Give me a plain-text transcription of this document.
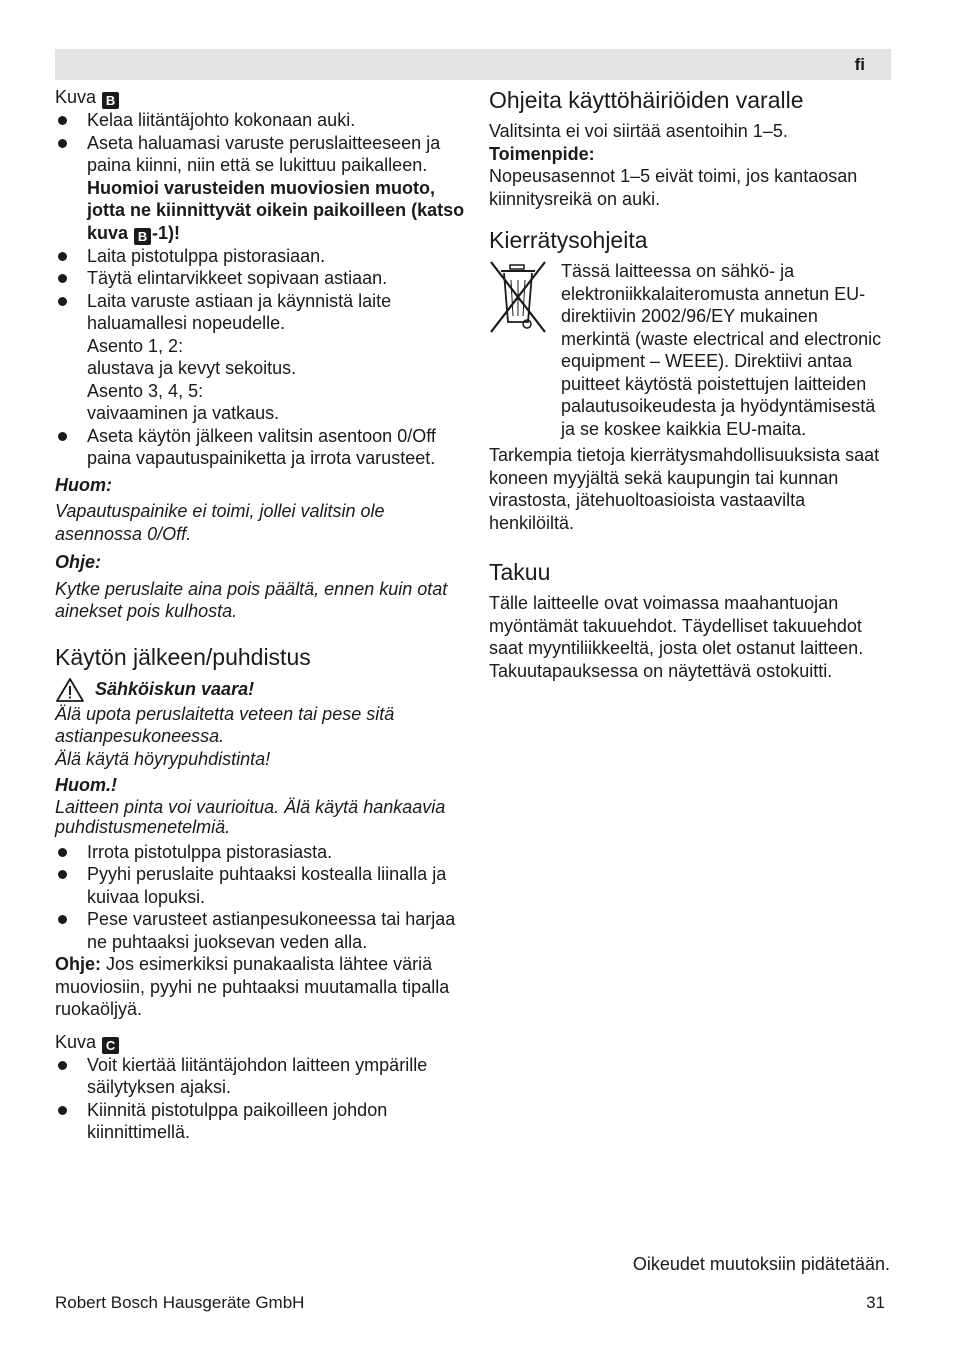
fi
Kuva B
Kelaa liitäntäjohto kokonaan auki.
Aseta haluamasi varuste peruslaitteeseen ja paina kiinni, niin että se lukittuu paikalleen.
Huomioi varusteiden muoviosien muoto, jotta ne kiinnittyvät oikein paikoilleen (katso kuva B -1)!
Laita pistotulppa pistorasiaan.
Täytä elintarvikkeet sopivaan astiaan.
Laita varuste astiaan ja käynnistä laite haluamallesi nopeudelle.
Asento 1, 2:
alustava ja kevyt sekoitus.
Asento 3, 4, 5:
vaivaaminen ja vatkaus.
Aseta käytön jälkeen valitsin asentoon 0/Off paina vapautuspainiketta ja irrota varusteet.
Huom:
Vapautuspainike ei toimi, jollei valitsin ole asennossa 0/Off.
Ohje:
Kytke peruslaite aina pois päältä, ennen kuin otat ainekset pois kulhosta.
Käytön jälkeen/puhdistus
Sähköiskun vaara!
Älä upota peruslaitetta veteen tai pese sitä astianpesukoneessa.
Älä käytä höyrypuhdistinta!
Huom.!
Laitteen pinta voi vaurioitua. Älä käytä hankaavia puhdistusmenetelmiä.
Irrota pistotulppa pistorasiasta.
Pyyhi peruslaite puhtaaksi kostealla liinalla ja kuivaa lopuksi.
Pese varusteet astianpesukoneessa tai harjaa ne puhtaaksi juoksevan veden alla.
Ohje: Jos esimerkiksi punakaalista lähtee väriä muoviosiin, pyyhi ne puhtaaksi muutamalla tipalla ruokaöljyä.
Kuva C
Voit kiertää liitäntäjohdon laitteen ympärille säilytyksen ajaksi.
Kiinnitä pistotulppa paikoilleen johdon kiinnittimellä.
Ohjeita käyttöhäiriöiden varalle
Valitsinta ei voi siirtää asentoihin 1–5.
Toimenpide:
Nopeusasennot 1–5 eivät toimi, jos kantaosan kiinnitysreikä on auki.
Kierrätysohjeita
Tässä laitteessa on sähkö- ja elektroniikkalaiteromusta annetun EU-direktiivin 2002/96/EY mukainen merkintä (waste electrical and electronic equipment – WEEE). Direktiivi antaa puitteet käytöstä poistettujen laitteiden palautusoikeudesta ja hyödyntämisestä ja se koskee kaikkia EU-maita.
Tarkempia tietoja kierrätysmahdollisuuksista saat koneen myyjältä sekä kaupungin tai kunnan virastosta, jätehuoltoasioista vastaavilta henkilöiltä.
Takuu
Tälle laitteelle ovat voimassa maahantuojan myöntämät takuuehdot. Täydelliset takuuehdot saat myyntiliikkeeltä, josta olet ostanut laitteen. Takuutapauksessa on näytettävä ostokuitti.
Oikeudet muutoksiin pidätetään.
Robert Bosch Hausgeräte GmbH	31
